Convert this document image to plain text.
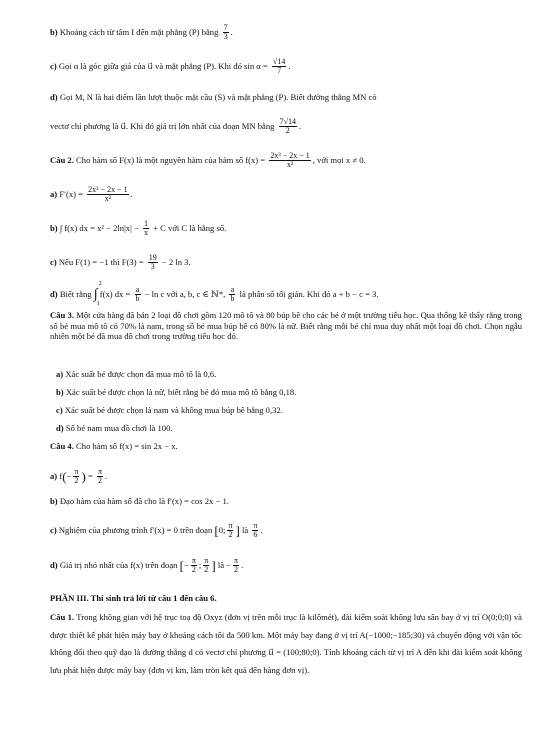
b) Khoảng cách từ tâm I đến mặt phẳng (P) bằng $\frac{7}{3}$ .
c) Gọi α là góc giữa giá của u⃗ và mặt phẳng (P). Khi đó $\sin \alpha = \frac{√14}{7}$ .
d) Gọi M, N là hai điểm lần lượt thuộc mặt cầu (S) và mặt phẳng (P). Biết đường thẳng MN có
vectơ chỉ phương là u⃗. Khi đó giá trị lớn nhất của đoạn MN bằng $\frac{7√14}{2}$ .
Câu 2. Cho hàm số F(x) là một nguyên hàm của hàm số $f(x) = \frac{\text{2x³ − 2x − 1}}{\text{x²}}$ , với mọi x ≠ 0.
a) $F'(x) = \frac{\text{2x³ − 2x − 1}}{\text{x²}}$ .
b) ∫ f(x) dx = $x^2 - 2\ln|x| - \frac{1}{x} + C$ với C là hằng số.
c) Nếu F(1) = −1 thì $F(3) = \frac{19}{3} - 2$ ln 3.
d) Biết rằng ∫
2
1
f(x) dx = $\frac{a}{b} - \ln c$ với a, b, c ∈ ℕ*, $\frac{a}{b}$ là phân số tối giản. Khi đó a + b − c = 3.
Câu 3. Một cửa hàng đã bán 2 loại đồ chơi gồm 120 mô tô và 80 búp bê cho các bé ở một trường tiểu học. Qua thống kê thấy rằng trong số bé mua mô tô có 70% là nam, trong số bé mua búp bê có 80% là nữ. Biết rằng mỗi bé chỉ mua duy nhất một loại đồ chơi. Chọn ngẫu nhiên một bé đã mua đồ chơi trong trường tiểu học đó.
a) Xác suất bé được chọn đã mua mô tô là 0,6.
b) Xác suất bé được chọn là nữ, biết rằng bé đó mua mô tô bằng 0,18.
c) Xác suất bé được chọn là nam và không mua búp bê bằng 0,32.
d) Số bé nam mua đồ chơi là 100.
Câu 4. Cho hàm số f(x) = sin 2x − x.
a) $f(- \frac{\pi}{2}$ ) = $\frac{\pi}{2}$ .
b) Đạo hàm của hàm số đã cho là f′(x) = cos 2x − 1.
c) Nghiệm của phương trình f′(x) = 0 trên đoạn [0; $\frac{\pi}{2}$ ] là $\frac{\pi}{6}$ .
d) Giá trị nhỏ nhất của f(x) trên đoạn [− $\frac{\pi}{2}$ ; $\frac{\pi}{2}$ ] là − $\frac{\pi}{2}$ .
PHẦN III. Thí sinh trả lời từ câu 1 đến câu 6.
Câu 1. Trong không gian với hệ trục toạ độ Oxyz (đơn vị trên mỗi trục là kilômét), đài kiểm soát không lưu sân bay ở vị trí O(0;0;0) và được thiết kế phát hiện máy bay ở khoảng cách tối đa 500 km. Một máy bay đang ở vị trí A(−1000;−185;30) và chuyển động với vận tốc không đổi theo quỹ đạo là đường thẳng d có vectơ chỉ phương u⃗ = (100;80;0). Tính khoảng cách từ vị trí A đến khi đài kiểm soát không lưu phát hiện được máy bay (đơn vị km, làm tròn kết quả đến hàng đơn vị).
